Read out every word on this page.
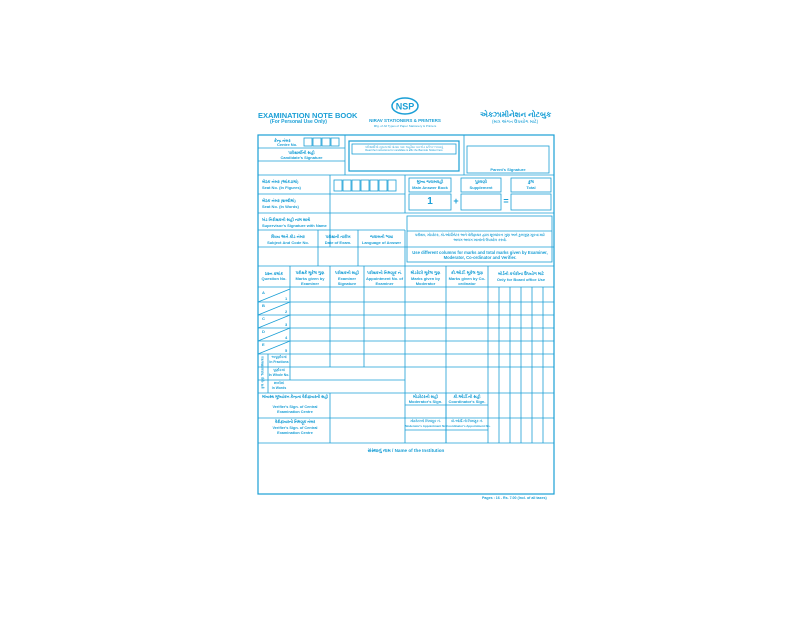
EXAMINATION NOTE BOOK
(For Personal Use Only)
NSP
NIRAV STATIONERS & PRINTERS
Mfg. of All Types of Paper Stationery & Printers
એક્ઝામીનેશન નોટબુક
(માત્ર અંગત ઉપયોગ માટે)
કેન્દ્ર નંબર
Centre No.
પરીક્ષાર્થીની સહી
Candidate's Signature
પરીક્ષાર્થીએ સૂચનાઓ વાંચ્યા બાદ અહીંયા બારકોડ સ્ટીકર લગાડવું
Read the Instructions for candidate & affix the Barcode Sticker here
Parent's Signature
બેઠક નંબર (આંકડામાં)
Seat No. (In Figures)
બેઠક નંબર (શબ્દોમાં)
Seat No. (In Words)
મુખ્ય જવાબવહી
Main Answer Book
1	+
પુરવણી
Supplement
=
કુલ
Total
ખંડ નિરીક્ષકની સહી નામ સાથે
Supervisor's Signature with Name
વિષય અને કોડ નંબર
Subject And Code No.
પરીક્ષાની તારીખ
Date of Exam.
જવાબની ભાષા
Language of Answer
પરીક્ષક, મોડરેટર, કો-ઓર્ડીનેટર અને વેરીફાયર દ્વારા મૂલ્યાંકન ગુણ અને કુલગુણ મૂકવા માટે અલગ અલગ ખાનાંનો ઉપયોગ કરવો.
Use different columns for marks and total marks given by Examiner, Moderator, Co-ordinator and Verifier.
પ્રશ્ન ક્રમાંક
Question No.
પરીક્ષકે મૂકેલ ગુણ
Marks given by Examiner
પરીક્ષકની સહી
Examiner Signature
પરીક્ષકનો નિમણૂક નં.
Appointment No. of Examiner
મોડરેટરે મૂકેલ ગુણ
Marks given by Moderator
કો-ઓર્ડી. મૂકેલ ગુણ
Marks given by Co-ordinator
બોર્ડની કચેરીના ઉપયોગ માટે
Only for Board office Use
A
1
B
2
C
3
D
4
E
5
કુલ ગુણ Total Marks	અપૂર્ણાંકમાં
In Fractions
પૂર્ણાંકમાં
In Whole No.
શબ્દોમાં
In Words
મધ્યસ્થ મૂલ્યાંકન કેન્દ્રના વેરીફાયરની સહી
Verifier's Sign. of Central Examination Centre
વેરીફાયરનો નિમણૂક નંબર
Verifier's Sign. of Central Examination Centre
મોડરેટરની સહી
Moderator's Sign.
કો-ઓર્ડી.ની સહી
Coordinator's Sign.
મોડરેટરનો નિમણૂક નં.
Moderator's Appointment No.
કો-ઓર્ડી.નો નિમણૂક નં.
Coordinator's Appointment No.
સંસ્થાનું નામ / Name of the Institution
Pages : 16 - Rs. 7.00 (Incl. of all taxes)
